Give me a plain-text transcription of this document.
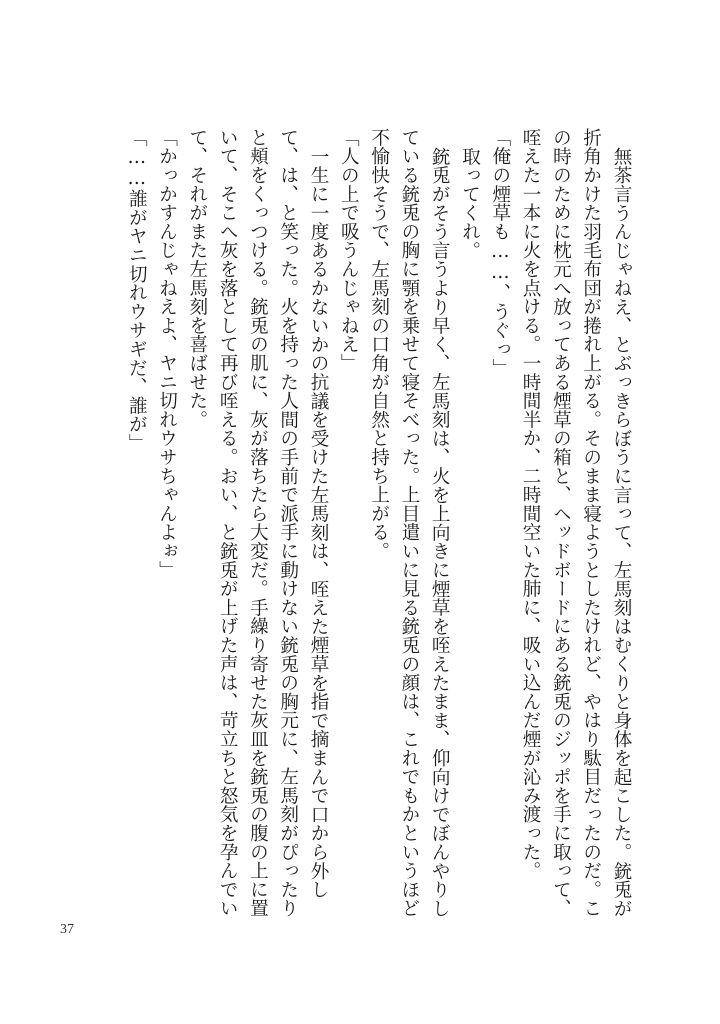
無茶言うんじゃねえ、とぶっきらぼうに言って、左馬刻はむくりと身体を起こした。銃兎が折角かけた羽毛布団が捲れ上がる。そのまま寝ようとしたけれど、やはり駄目だったのだ。この時のために枕元へ放ってある煙草の箱と、ヘッドボードにある銃兎のジッポを手に取って、咥えた一本に火を点ける。一時間半か、二時間空いた肺に、吸い込んだ煙が沁み渡った。

「俺の煙草も……、うぐっ」

取ってくれ。

銃兎がそう言うより早く、左馬刻は、火を上向きに煙草を咥えたまま、仰向けでぼんやりしている銃兎の胸に顎を乗せて寝そべった。上目遣いに見る銃兎の顔は、これでもかというほど不愉快そうで、左馬刻の口角が自然と持ち上がる。

「人の上で吸うんじゃねえ」

一生に一度あるかないかの抗議を受けた左馬刻は、咥えた煙草を指で摘まんで口から外して、は、と笑った。火を持った人間の手前で派手に動けない銃兎の胸元に、左馬刻がぴったりと頬をくっつける。銃兎の肌に、灰が落ちたら大変だ。手繰り寄せた灰皿を銃兎の腹の上に置いて、そこへ灰を落として再び咥える。おい、と銃兎が上げた声は、苛立ちと怒気を孕んでいて、それがまた左馬刻を喜ばせた。

「かっかすんじゃねえよ、ヤニ切れウサちゃんよぉ」

「……誰がヤニ切れウサギだ、誰が」

37
